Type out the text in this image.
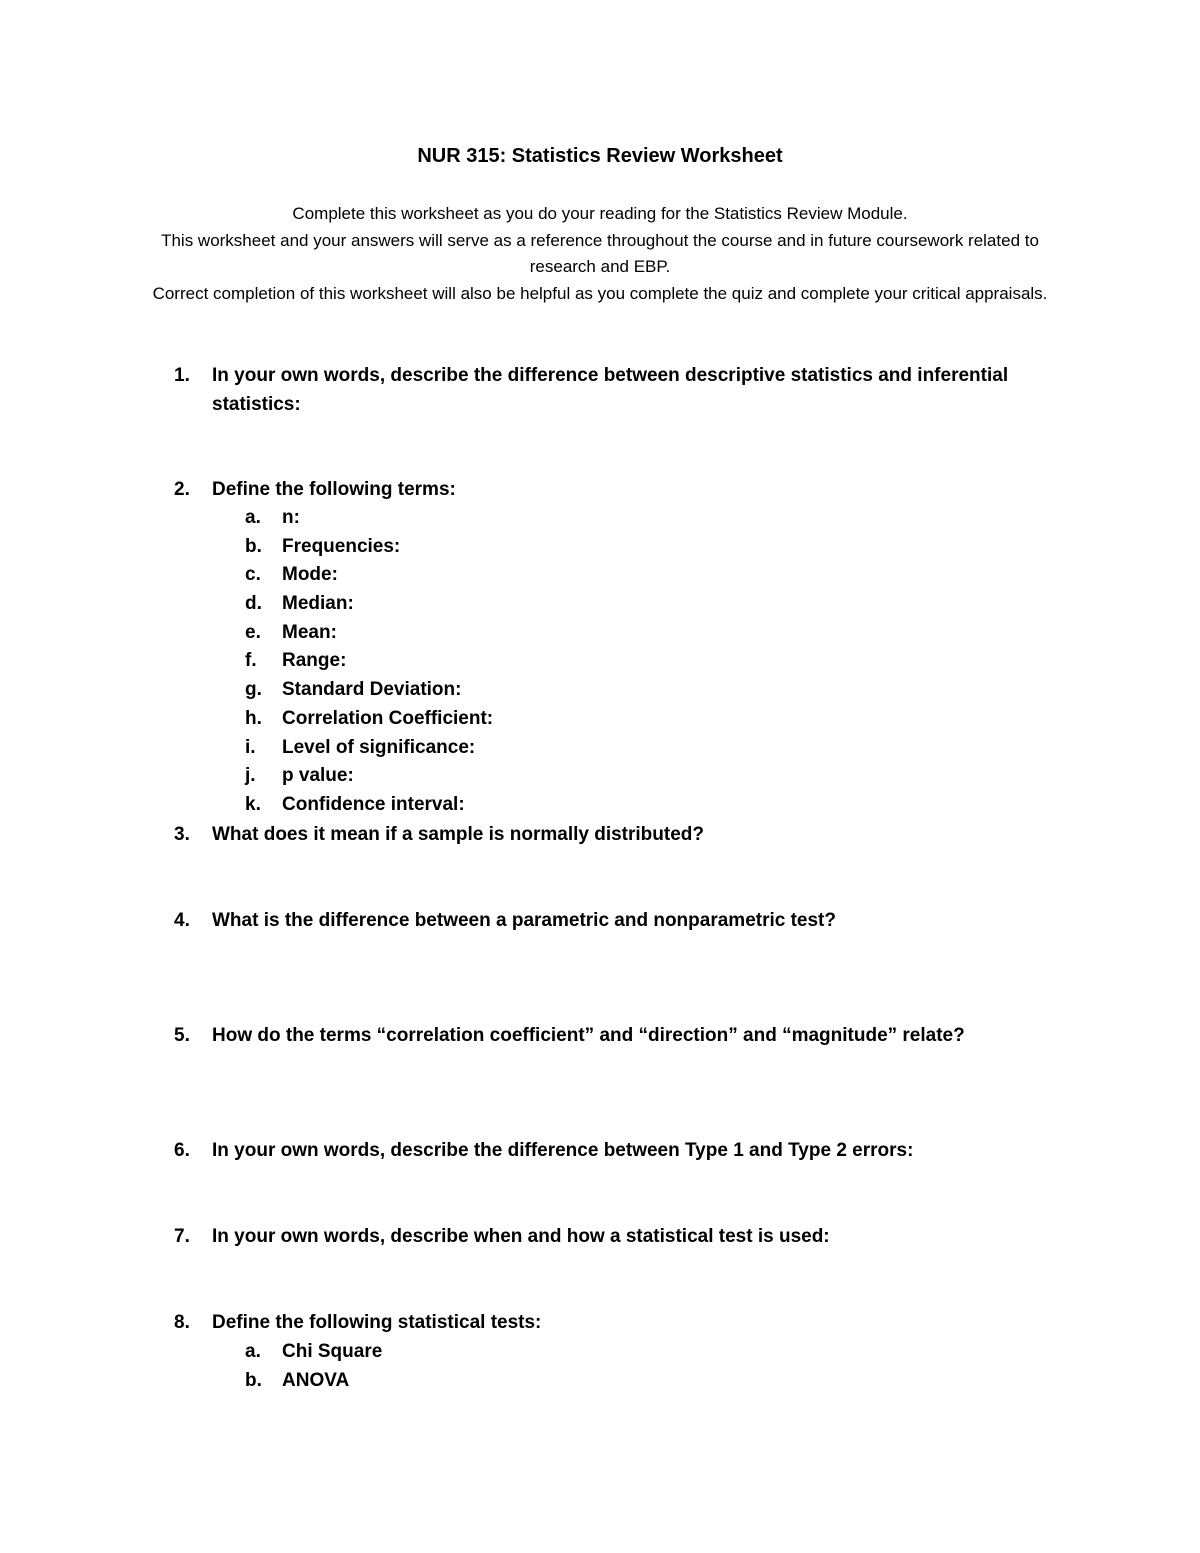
NUR 315: Statistics Review Worksheet

Complete this worksheet as you do your reading for the Statistics Review Module.

This worksheet and your answers will serve as a reference throughout the course and in future coursework related to research and EBP.

Correct completion of this worksheet will also be helpful as you complete the quiz and complete your critical appraisals.

1.	In your own words, describe the difference between descriptive statistics and inferential statistics:
2.	Define the following terms:
a. n:
b. Frequencies:
c. Mode:
d. Median:
e. Mean:
f. Range:
g. Standard Deviation:
h. Correlation Coefficient:
i. Level of significance:
j. p value:
k. Confidence interval:
3.	What does it mean if a sample is normally distributed?
4.	What is the difference between a parametric and nonparametric test?
5.	How do the terms “correlation coefficient” and “direction” and “magnitude” relate?
6.	In your own words, describe the difference between Type 1 and Type 2 errors:
7.	In your own words, describe when and how a statistical test is used:
8.	Define the following statistical tests:
a. Chi Square
b. ANOVA
